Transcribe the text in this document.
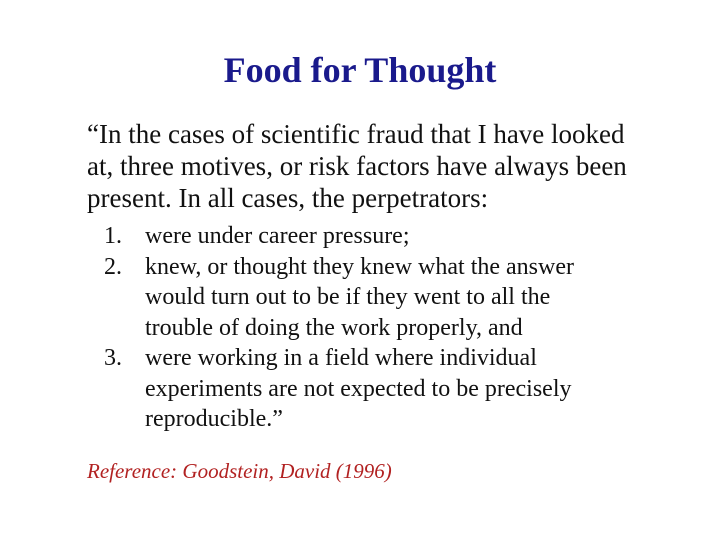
Food for Thought
“In the cases of scientific fraud that I have looked
at, three motives, or risk factors have always been
present. In all cases, the perpetrators:
1. were under career pressure;
2. knew, or thought they knew what the answer
would turn out to be if they went to all the
trouble of doing the work properly, and
3. were working in a field where individual
experiments are not expected to be precisely
reproducible.”
Reference: Goodstein, David (1996)
